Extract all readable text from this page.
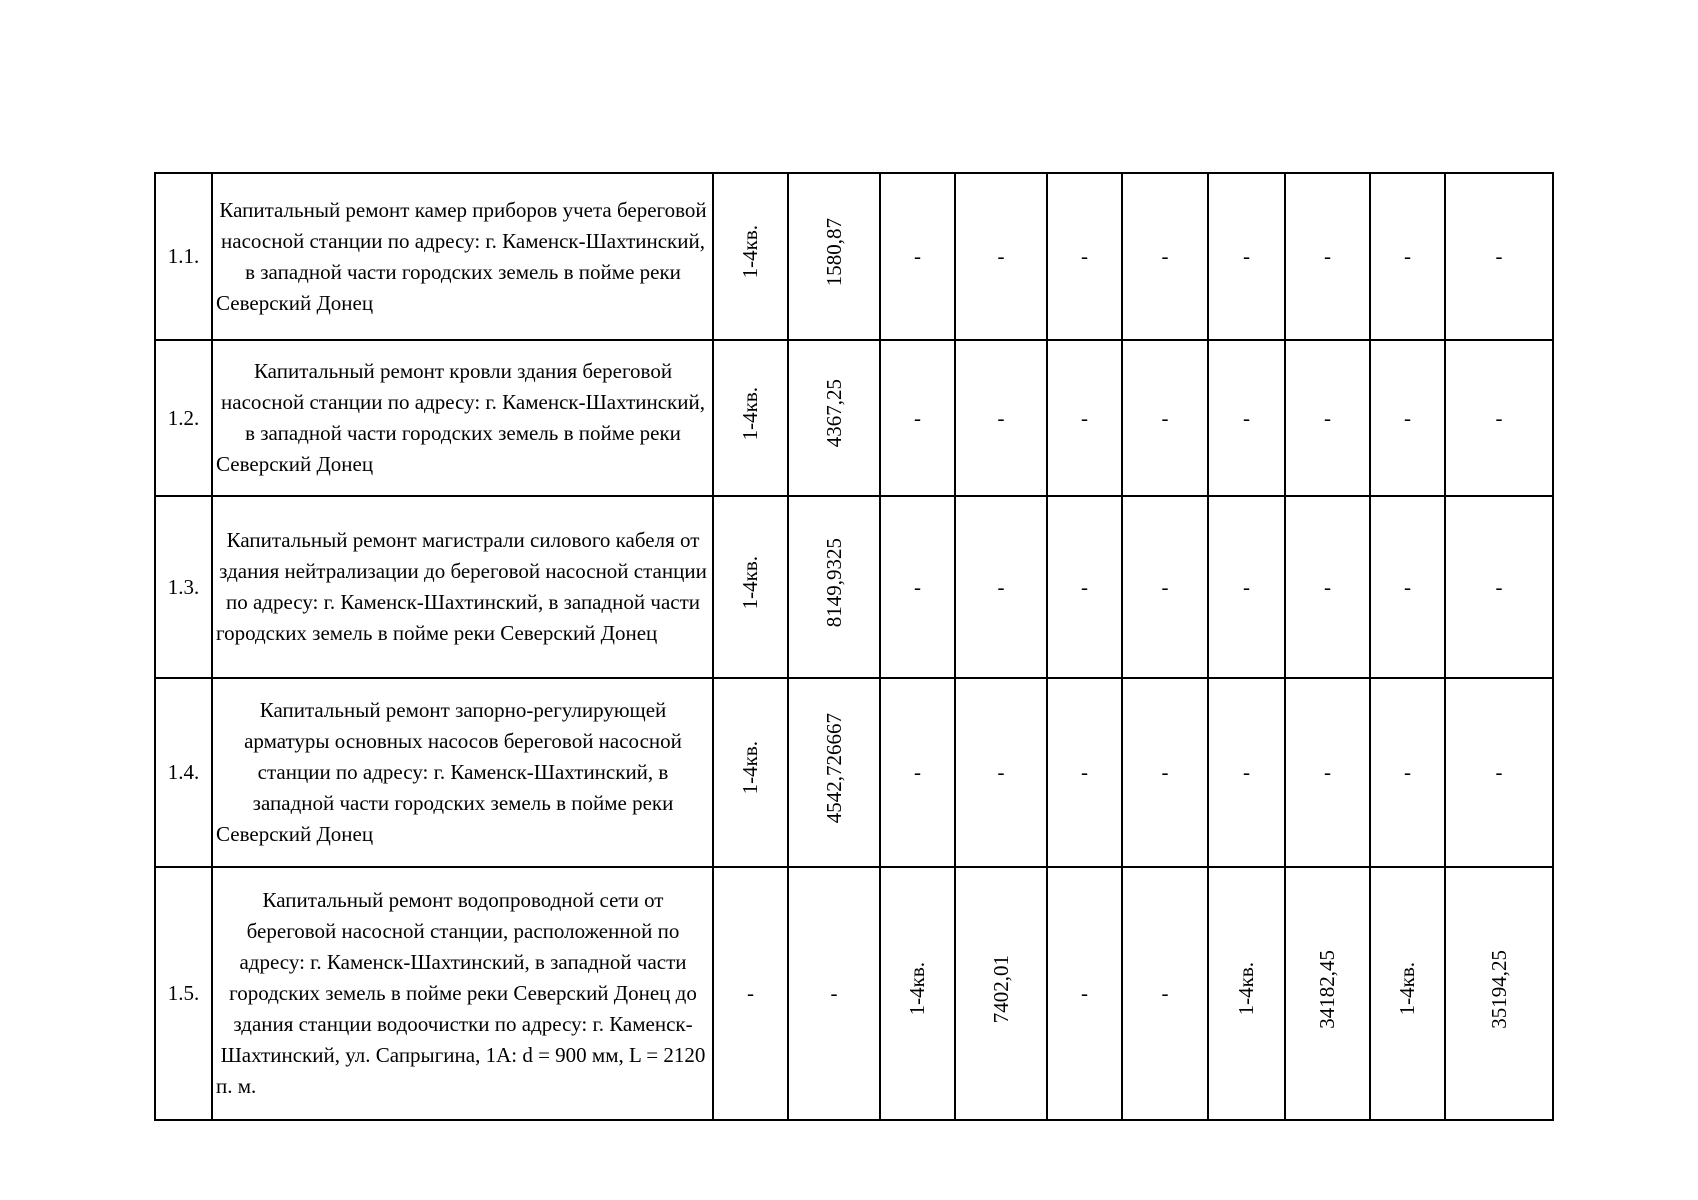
1.1.	Капитальный ремонт камер приборов учета береговой насосной станции по адресу: г. Каменск-Шахтинский, в западной части городских земель в пойме реки Северский Донец	1-4кв.	1580,87	-	-	-	-	-	-	-	-
1.2.	Капитальный ремонт кровли здания береговой насосной станции по адресу: г. Каменск-Шахтинский, в западной части городских земель в пойме реки Северский Донец	1-4кв.	4367,25	-	-	-	-	-	-	-	-
1.3.	Капитальный ремонт магистрали силового кабеля от здания нейтрализации до береговой насосной станции по адресу: г. Каменск-Шахтинский, в западной части городских земель в пойме реки Северский Донец	1-4кв.	8149,9325	-	-	-	-	-	-	-	-
1.4.	Капитальный ремонт запорно-регулирующей арматуры основных насосов береговой насосной станции по адресу: г. Каменск-Шахтинский, в западной части городских земель в пойме реки Северский Донец	1-4кв.	4542,726667	-	-	-	-	-	-	-	-
1.5.	Капитальный ремонт водопроводной сети от береговой насосной станции, расположенной по адресу: г. Каменск-Шахтинский, в западной части городских земель в пойме реки Северский Донец до здания станции водоочистки по адресу: г. Каменск-Шахтинский, ул. Сапрыгина, 1А: d = 900 мм, L = 2120 п. м.	-	-	1-4кв.	7402,01	-	-	1-4кв.	34182,45	1-4кв.	35194,25
